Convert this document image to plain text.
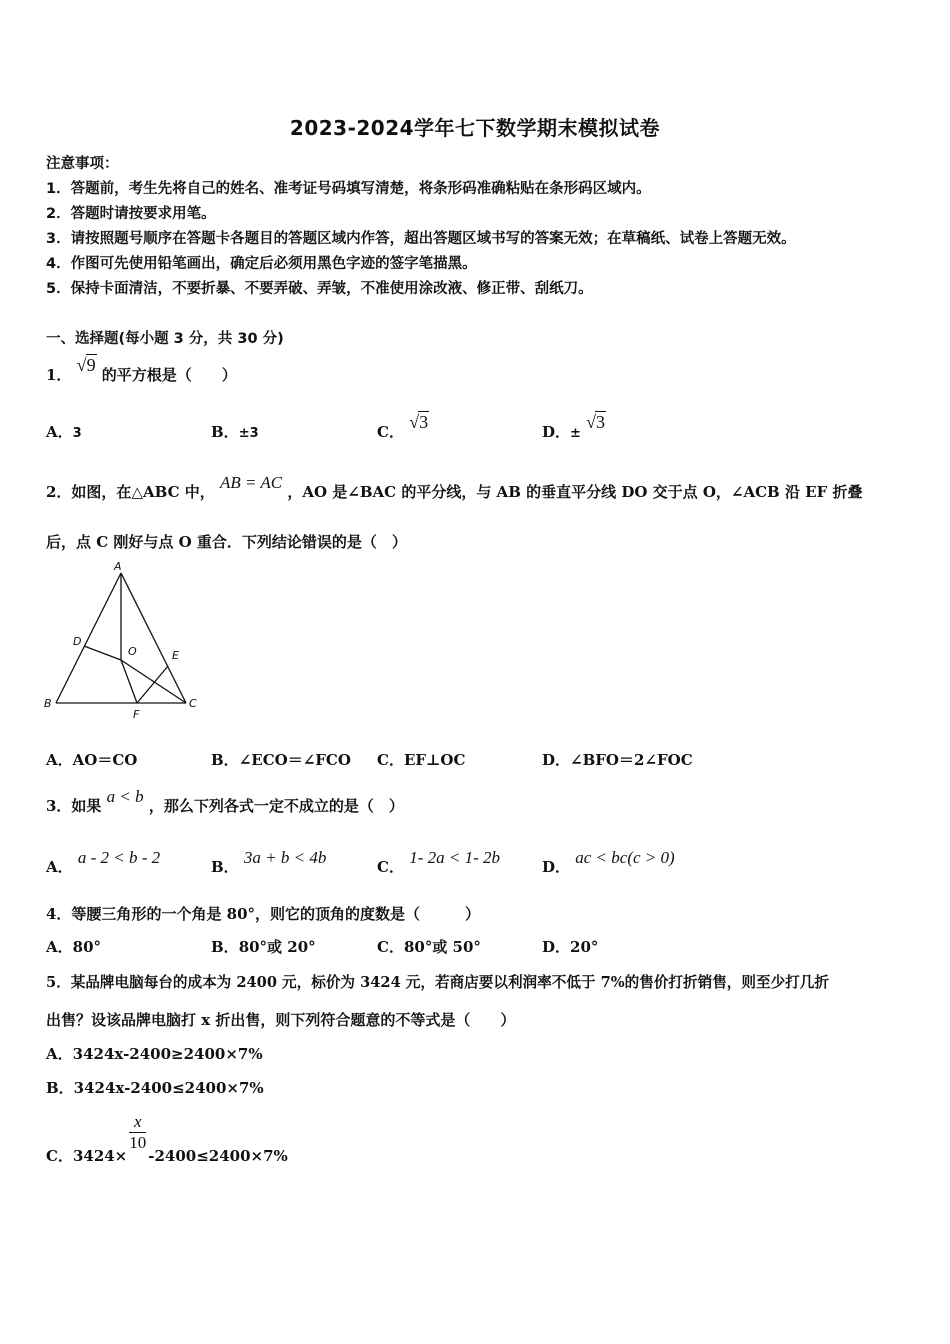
2023-2024学年七下数学期末模拟试卷
注意事项：
1．答题前，考生先将自己的姓名、准考证号码填写清楚，将条形码准确粘贴在条形码区域内。
2．答题时请按要求用笔。
3．请按照题号顺序在答题卡各题目的答题区域内作答，超出答题区域书写的答案无效；在草稿纸、试卷上答题无效。
4．作图可先使用铅笔画出，确定后必须用黑色字迹的签字笔描黑。
5．保持卡面清洁，不要折暴、不要弄破、弄皱，不准使用涂改液、修正带、刮纸刀。
一、选择题(每小题 3 分，共 30 分)
1． √9 的平方根是（　　）
A．3	B．±3	C． √3	D．± √3
2．如图，在△ABC 中， AB = AC ，AO 是∠BAC 的平分线，与 AB 的垂直平分线 DO 交于点 O，∠ACB 沿 EF 折叠
后，点 C 刚好与点 O 重合．下列结论错误的是（　）
A
B	C
D
E
F
O
A．AO＝CO	B．∠ECO＝∠FCO C．EF⊥OC	D．∠BFO＝2∠FOC
3．如果 a < b ，那么下列各式一定不成立的是（　）
A． a - 2 < b - 2	B． 3a + b < 4b	C． 1- 2a < 1- 2b	D． ac < bc(c > 0)
4．等腰三角形的一个角是 80°，则它的顶角的度数是（　　　）
A．80°	B．80°或 20°	C．80°或 50°	D．20°
5．某品牌电脑每台的成本为 2400 元，标价为 3424 元，若商店要以利润率不低于 7%的售价打折销售，则至少打几折
出售？设该品牌电脑打 x 折出售，则下列符合题意的不等式是（　　）
A．3424x-2400≥2400×7%
B．3424x-2400≤2400×7%
C．3424×
$\frac{x}{10}$
-2400≤2400×7%
